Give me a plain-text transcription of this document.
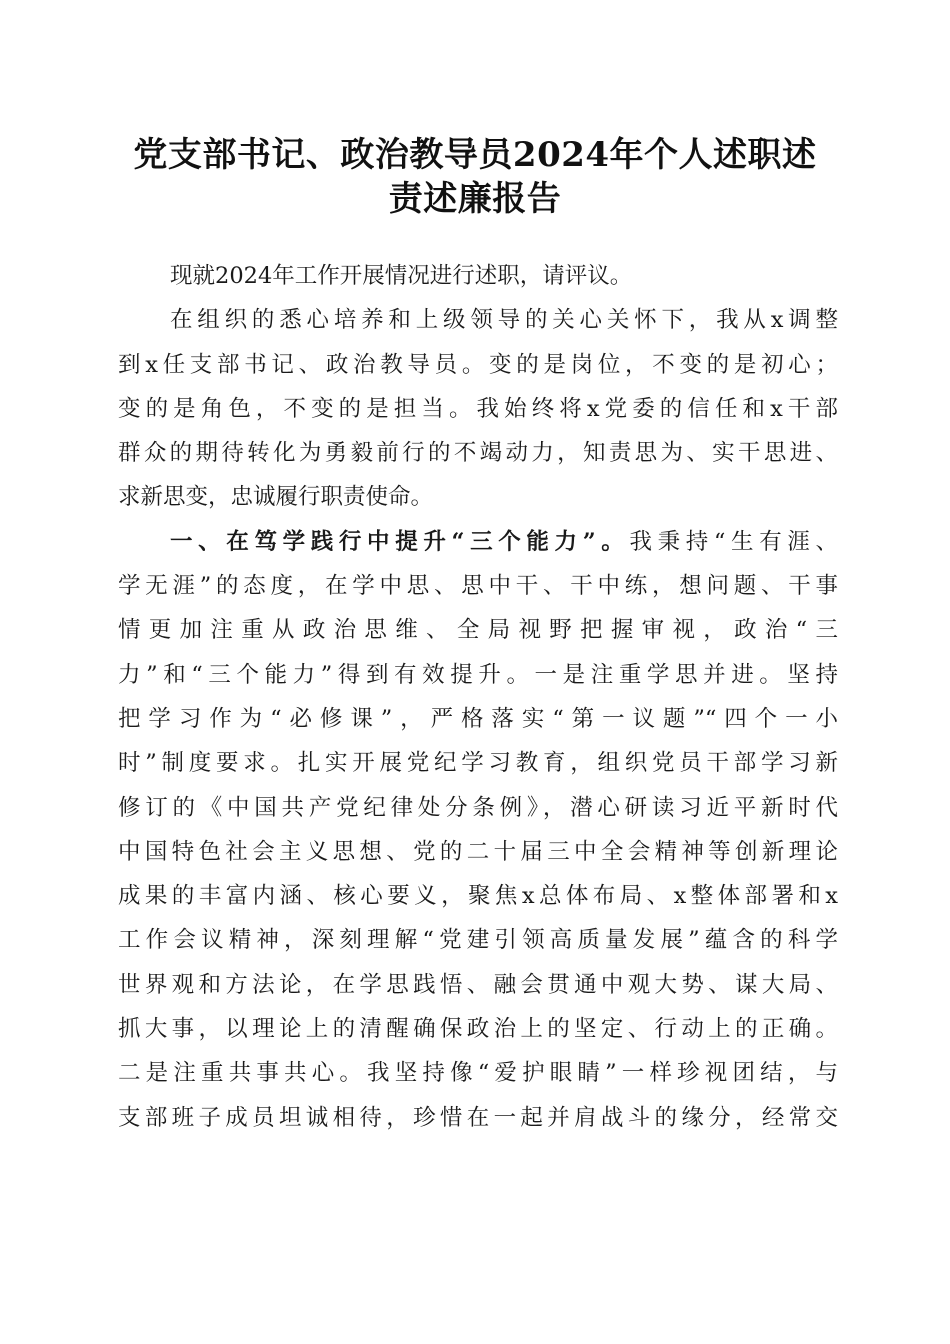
党支部书记、政治教导员2024年个人述职述
责述廉报告
现就2024年工作开展情况进行述职，请评议。
在组织的悉心培养和上级领导的关心关怀下，我从x调整
到x任支部书记、政治教导员。变的是岗位，不变的是初心；
变的是角色，不变的是担当。我始终将x党委的信任和x干部
群众的期待转化为勇毅前行的不竭动力，知责思为、实干思进、
求新思变，忠诚履行职责使命。
一、在笃学践行中提升“三个能力”。我秉持“生有涯、
学无涯”的态度，在学中思、思中干、干中练，想问题、干事
情更加注重从政治思维、全局视野把握审视，政治“三
力”和“三个能力”得到有效提升。一是注重学思并进。坚持
把学习作为“必修课”，严格落实“第一议题”“四个一小
时”制度要求。扎实开展党纪学习教育，组织党员干部学习新
修订的《中国共产党纪律处分条例》，潜心研读习近平新时代
中国特色社会主义思想、党的二十届三中全会精神等创新理论
成果的丰富内涵、核心要义，聚焦x总体布局、x整体部署和x
工作会议精神，深刻理解“党建引领高质量发展”蕴含的科学
世界观和方法论，在学思践悟、融会贯通中观大势、谋大局、
抓大事，以理论上的清醒确保政治上的坚定、行动上的正确。
二是注重共事共心。我坚持像“爱护眼睛”一样珍视团结，与
支部班子成员坦诚相待，珍惜在一起并肩战斗的缘分，经常交
